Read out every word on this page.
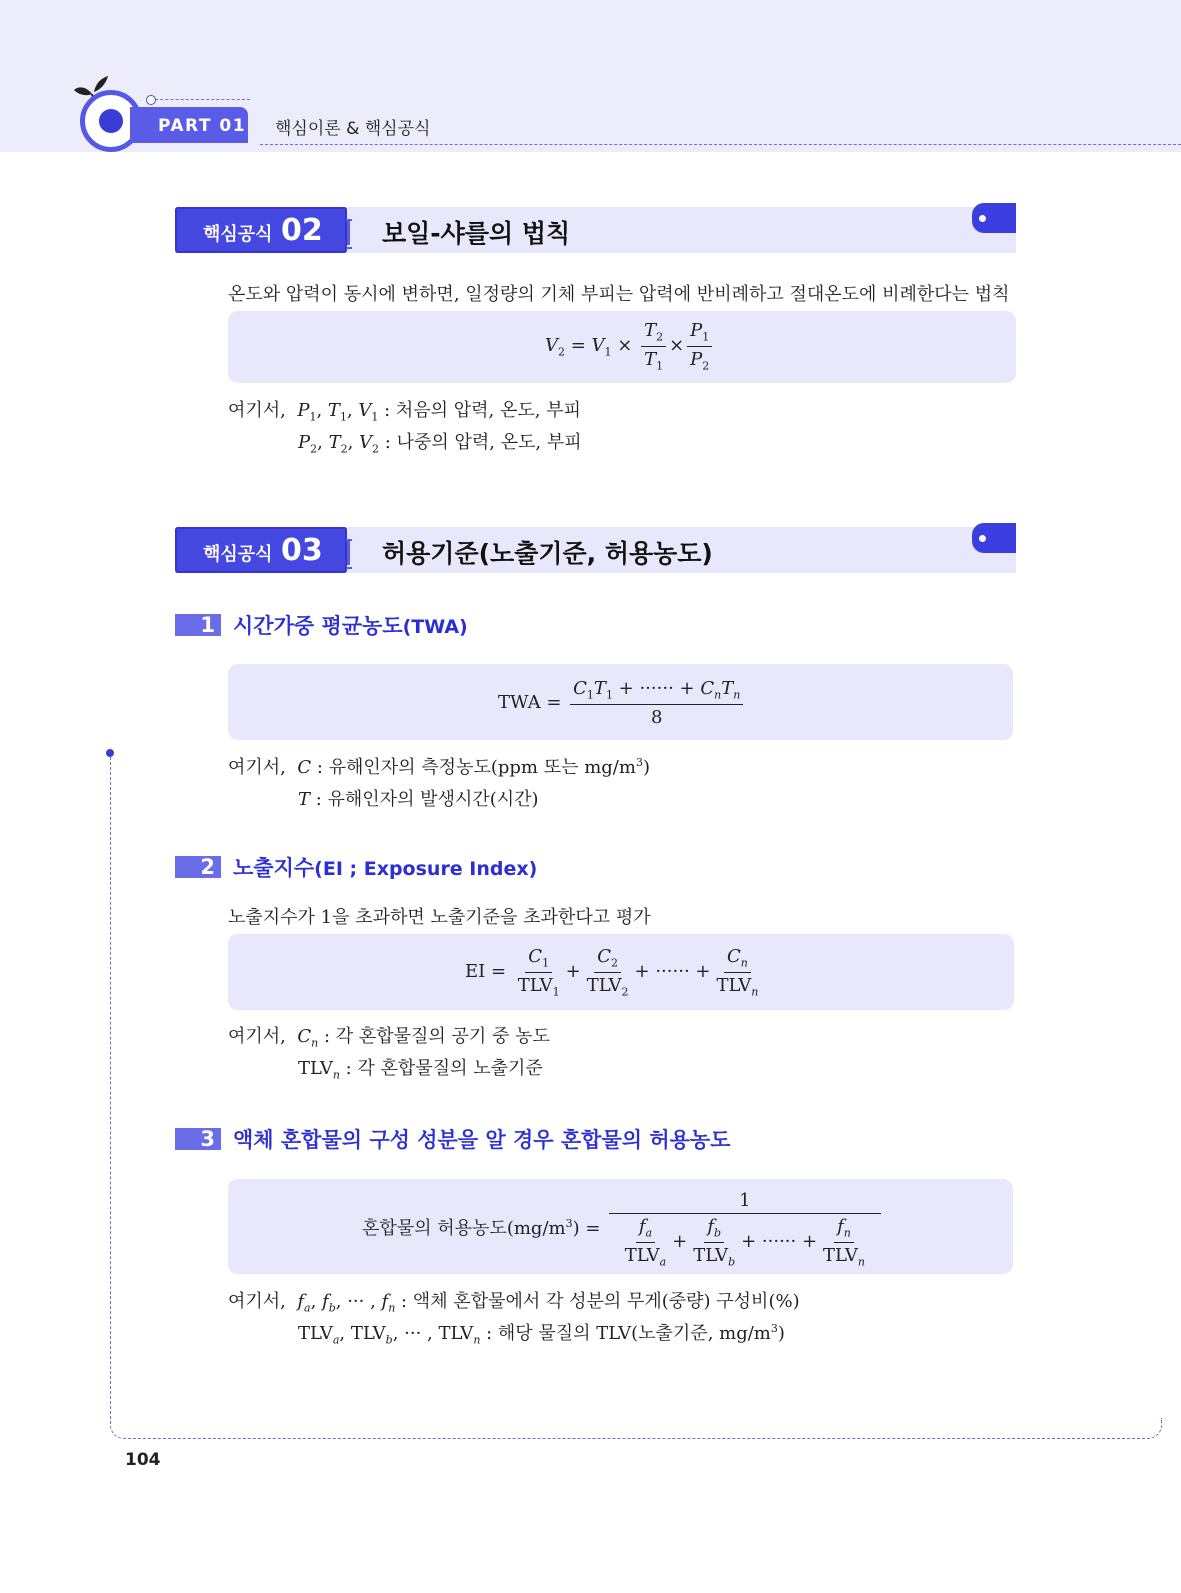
PART 01 핵심이론 & 핵심공식
핵심공식 02 보일-샤를의 법칙
온도와 압력이 동시에 변하면, 일정량의 기체 부피는 압력에 반비례하고 절대온도에 비례한다는 법칙
$V_2 = V_1 \times \frac{T_2}{T_1} \times \frac{P_1}{P_2}$
여기서, $P_1$, $T_1$, $V_1$ : 처음의 압력, 온도, 부피
$P_2$, $T_2$, $V_2$ : 나중의 압력, 온도, 부피
핵심공식 03 허용기준(노출기준, 허용농도)
1 시간가중 평균농도(TWA)
TWA = $\frac{C_1T_1 + \cdot\cdot\cdot\cdot\cdot\cdot + C_nT_n}{8}$
여기서, C : 유해인자의 측정농도(ppm 또는 $mg/m^3$)
T : 유해인자의 발생시간(시간)
2 노출지수(EI ; Exposure Index)
노출지수가 1을 초과하면 노출기준을 초과한다고 평가
EI = $\frac{C_1}{TLV_1} + \frac{C_2}{TLV_2}$ + ······ + $\frac{C_n}{TLV_n}$
여기서, $C_n$ : 각 혼합물질의 공기 중 농도
$TLV_n$ : 각 혼합물질의 노출기준
3 액체 혼합물의 구성 성분을 알 경우 혼합물의 허용농도
혼합물의 허용농도$(mg/m^3) = \frac{1}{\frac{f_a}{TLV_a} + \frac{f_b}{TLV_b} + \cdot\cdot\cdot\cdot\cdot\cdot + \frac{f_n}{TLV_n}}$
여기서, $f_a$, $f_b$, ··· , $f_n$ : 액체 혼합물에서 각 성분의 무게(중량) 구성비(%)
$TLV_a$, $TLV_b$, ··· , $TLV_n$ : 해당 물질의 TLV(노출기준, $mg/m^3$)
104
